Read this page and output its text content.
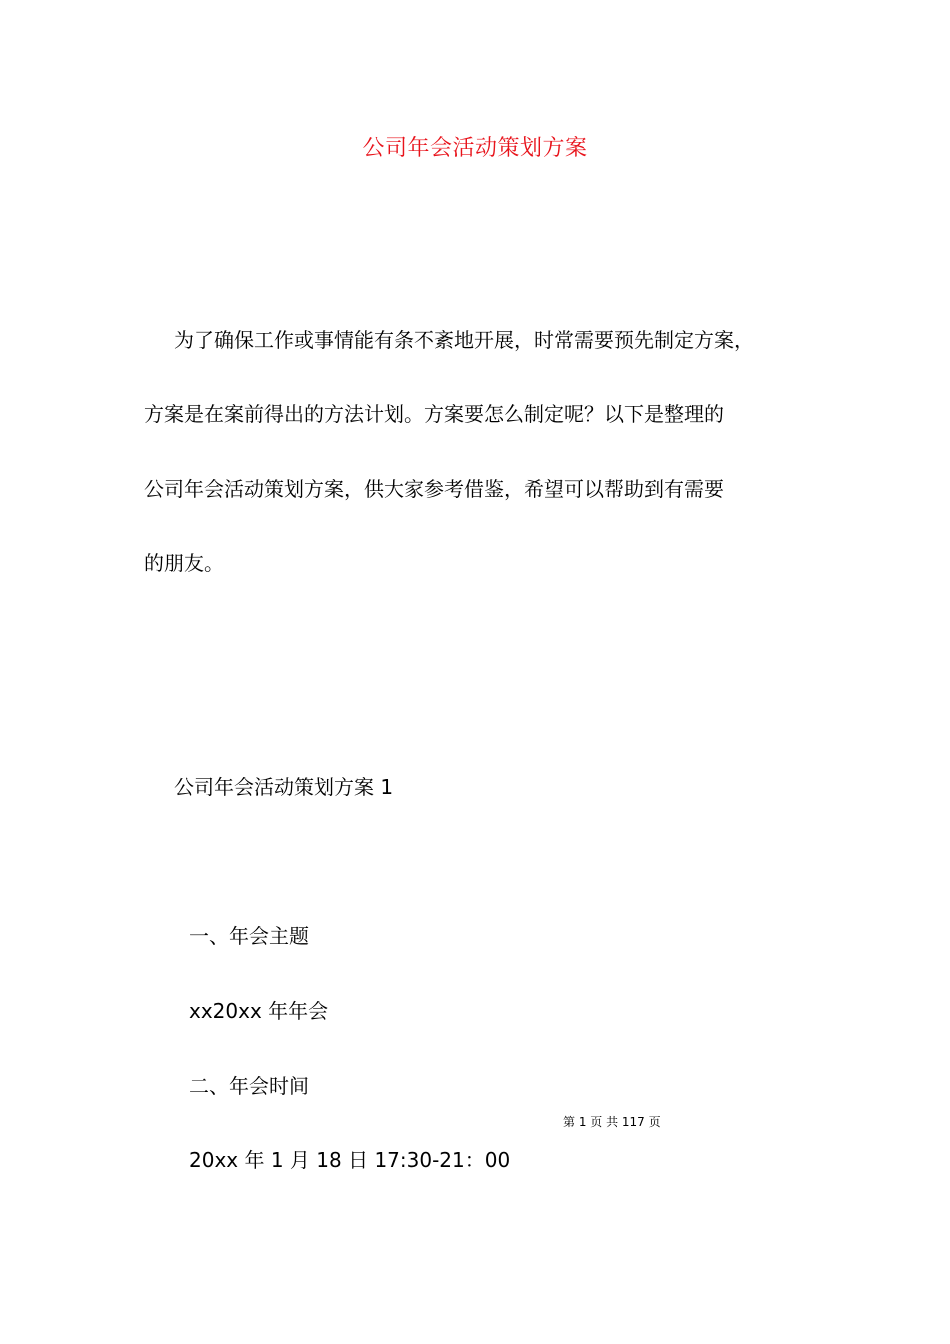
公司年会活动策划方案
为了确保工作或事情能有条不紊地开展，时常需要预先制定方案，
方案是在案前得出的方法计划。方案要怎么制定呢？以下是整理的
公司年会活动策划方案，供大家参考借鉴，希望可以帮助到有需要
的朋友。
公司年会活动策划方案 1
一、年会主题
xx20xx 年年会
二、年会时间
第 1 页 共 117 页
20xx 年 1 月 18 日 17:30-21：00
